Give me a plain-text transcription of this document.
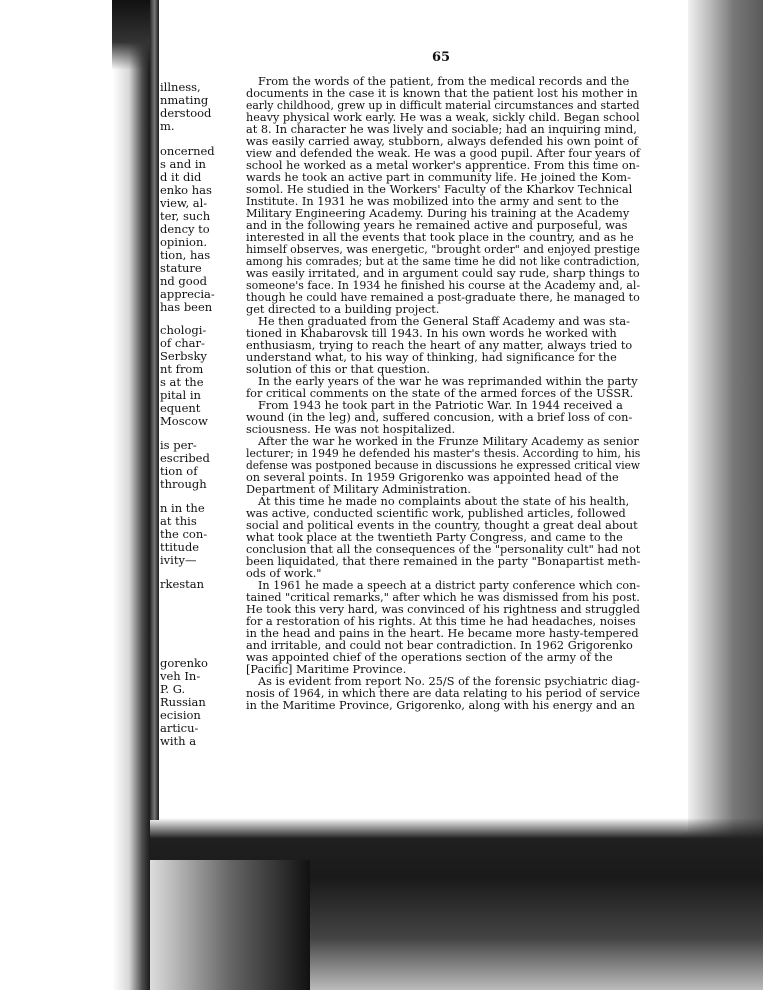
illness,
nmating
derstood
m.
oncerned
s and in
d it did
enko has
view, al-
ter, such
dency to
opinion.
tion, has
stature
nd good
apprecia-
has been
chologi-
of char-
Serbsky
nt from
s at the
pital in
equent
Moscow
is per-
escribed
tion of
through
n in the
at this
the con-
ttitude
ivity—
rkestan
gorenko
veh In-
P. G.
Russian
ecision
articu-
with a
65
From the words of the patient, from the medical records and the
documents in the case it is known that the patient lost his mother in
early childhood, grew up in difficult material circumstances and started
heavy physical work early. He was a weak, sickly child. Began school
at 8. In character he was lively and sociable; had an inquiring mind,
was easily carried away, stubborn, always defended his own point of
view and defended the weak. He was a good pupil. After four years of
school he worked as a metal worker's apprentice. From this time on-
wards he took an active part in community life. He joined the Kom-
somol. He studied in the Workers' Faculty of the Kharkov Technical
Institute. In 1931 he was mobilized into the army and sent to the
Military Engineering Academy. During his training at the Academy
and in the following years he remained active and purposeful, was
interested in all the events that took place in the country, and as he
himself observes, was energetic, "brought order" and enjoyed prestige
among his comrades; but at the same time he did not like contradiction,
was easily irritated, and in argument could say rude, sharp things to
someone's face. In 1934 he finished his course at the Academy and, al-
though he could have remained a post-graduate there, he managed to
get directed to a building project.
He then graduated from the General Staff Academy and was sta-
tioned in Khabarovsk till 1943. In his own words he worked with
enthusiasm, trying to reach the heart of any matter, always tried to
understand what, to his way of thinking, had significance for the
solution of this or that question.
In the early years of the war he was reprimanded within the party
for critical comments on the state of the armed forces of the USSR.
From 1943 he took part in the Patriotic War. In 1944 received a
wound (in the leg) and, suffered concusion, with a brief loss of con-
sciousness. He was not hospitalized.
After the war he worked in the Frunze Military Academy as senior
lecturer; in 1949 he defended his master's thesis. According to him, his
defense was postponed because in discussions he expressed critical view
on several points. In 1959 Grigorenko was appointed head of the
Department of Military Administration.
At this time he made no complaints about the state of his health,
was active, conducted scientific work, published articles, followed
social and political events in the country, thought a great deal about
what took place at the twentieth Party Congress, and came to the
conclusion that all the consequences of the "personality cult" had not
been liquidated, that there remained in the party "Bonapartist meth-
ods of work."
In 1961 he made a speech at a district party conference which con-
tained "critical remarks," after which he was dismissed from his post.
He took this very hard, was convinced of his rightness and struggled
for a restoration of his rights. At this time he had headaches, noises
in the head and pains in the heart. He became more hasty-tempered
and irritable, and could not bear contradiction. In 1962 Grigorenko
was appointed chief of the operations section of the army of the
[Pacific] Maritime Province.
As is evident from report No. 25/S of the forensic psychiatric diag-
nosis of 1964, in which there are data relating to his period of service
in the Maritime Province, Grigorenko, along with his energy and an
